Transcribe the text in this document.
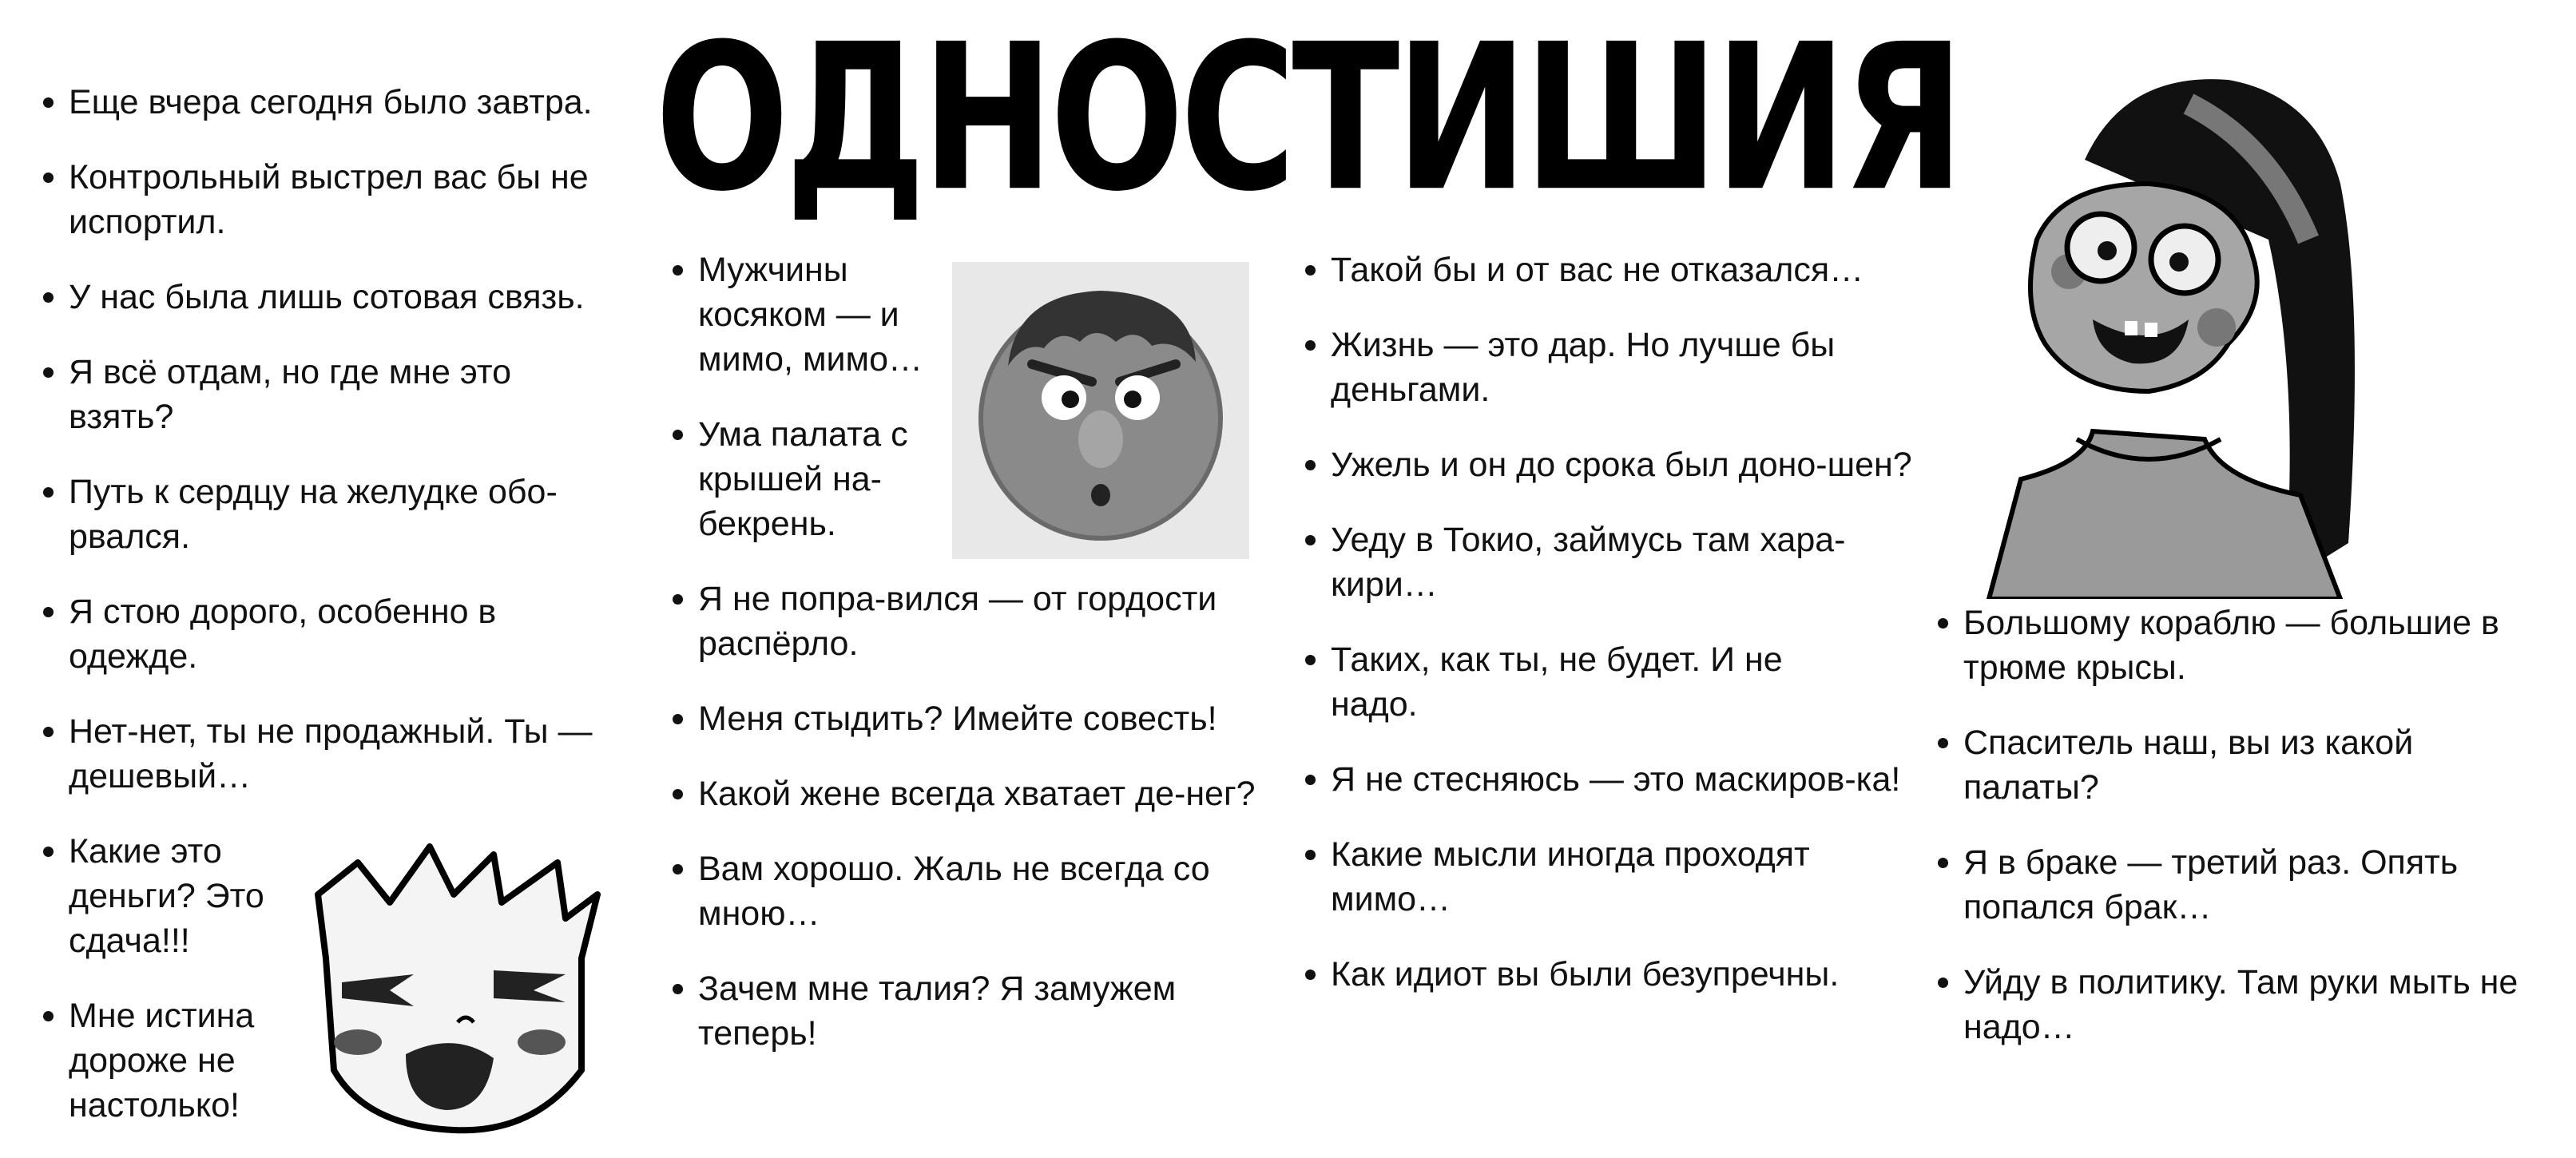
ОДНОСТИШИЯ
Еще вчера сегодня было завтра.
Контрольный выстрел вас бы не испортил.
У нас была лишь сотовая связь.
Я всё отдам, но где мне это взять?
Путь к сердцу на желудке обо-рвался.
Я стою дорого, особенно в одежде.
Нет-нет, ты не продажный. Ты — дешевый…
Какие это деньги? Это сдача!!!
Мне истина дороже не настолько!
Мужчины косяком — и мимо, мимо…
Ума палата с крышей на-бекрень.
Я не попра-вился — от гордости распёрло.
Меня стыдить? Имейте совесть!
Какой жене всегда хватает де-нег?
Вам хорошо. Жаль не всегда со мною…
Зачем мне талия? Я замужем теперь!
Такой бы и от вас не отказался…
Жизнь — это дар. Но лучше бы деньгами.
Ужель и он до срока был доно-шен?
Уеду в Токио, займусь там хара-кири…
Таких, как ты, не будет. И не надо.
Я не стесняюсь — это маскиров-ка!
Какие мысли иногда проходят мимо…
Как идиот вы были безупречны.
Большому кораблю — большие в трюме крысы.
Спаситель наш, вы из какой палаты?
Я в браке — третий раз. Опять попался брак…
Уйду в политику. Там руки мыть не надо…
